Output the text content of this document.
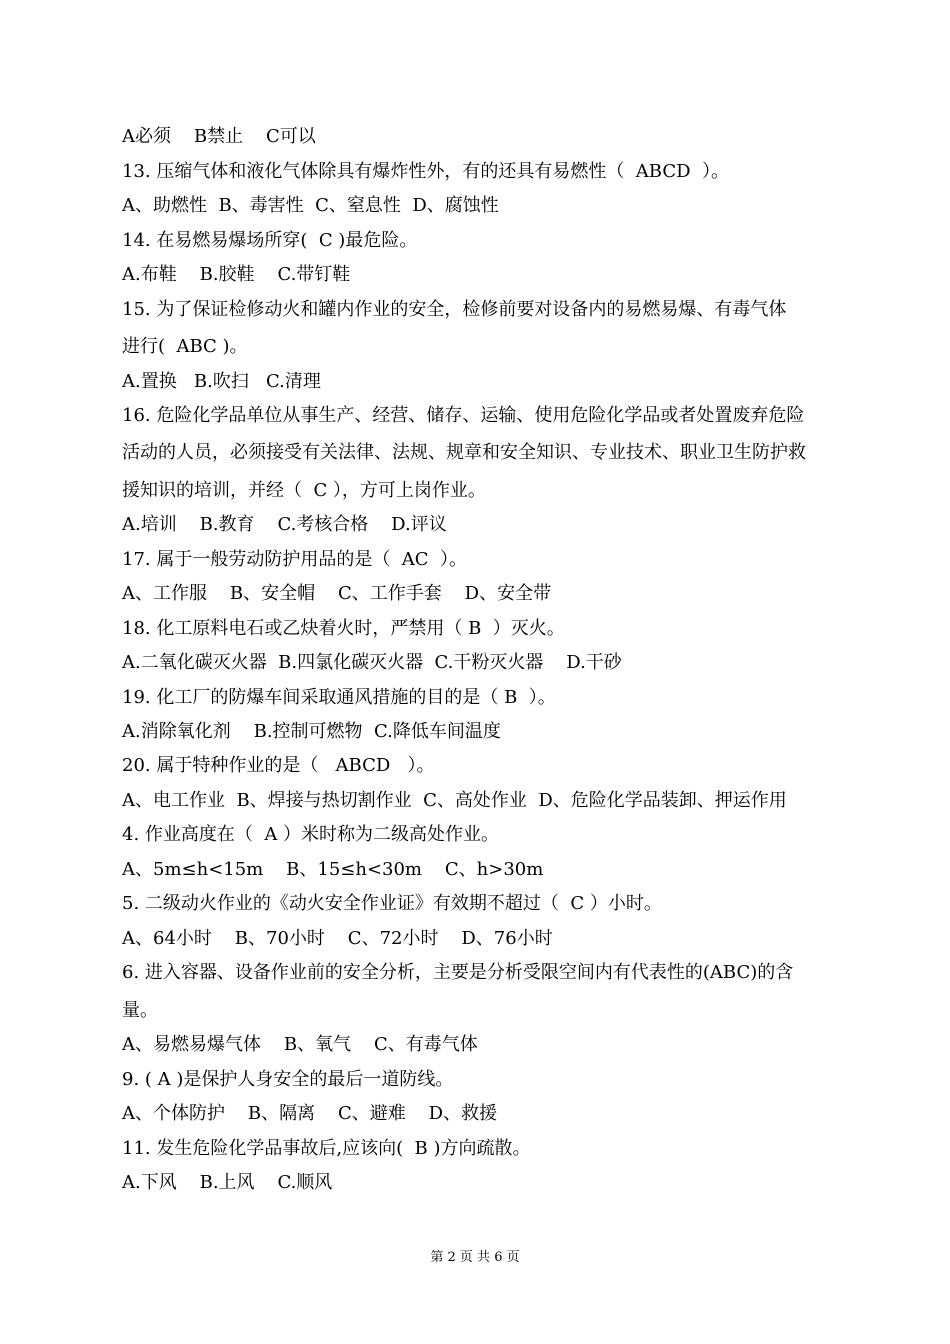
A必须    B禁止    C可以
13. 压缩气体和液化气体除具有爆炸性外，有的还具有易燃性（  ABCD  ）。
A、助燃性  B、毒害性  C、窒息性  D、腐蚀性
14. 在易燃易爆场所穿(  C )最危险。
A.布鞋    B.胶鞋    C.带钉鞋
15. 为了保证检修动火和罐内作业的安全，检修前要对设备内的易燃易爆、有毒气体
进行(  ABC )。
A.置换   B.吹扫   C.清理
16. 危险化学品单位从事生产、经营、储存、运输、使用危险化学品或者处置废弃危险
活动的人员，必须接受有关法律、法规、规章和安全知识、专业技术、职业卫生防护救
援知识的培训，并经（  C ），方可上岗作业。
A.培训    B.教育    C.考核合格    D.评议
17. 属于一般劳动防护用品的是（  AC  ）。
A、工作服    B、安全帽    C、工作手套    D、安全带
18. 化工原料电石或乙炔着火时，严禁用（ B  ）灭火。
A.二氧化碳灭火器  B.四氯化碳灭火器  C.干粉灭火器    D.干砂
19. 化工厂的防爆车间采取通风措施的目的是（ B  ）。
A.消除氧化剂    B.控制可燃物  C.降低车间温度
20. 属于特种作业的是（   ABCD   ）。
A、电工作业  B、焊接与热切割作业  C、高处作业  D、危险化学品装卸、押运作用
4. 作业高度在（  A ）米时称为二级高处作业。
A、5m≤h<15m    B、15≤h<30m    C、h>30m
5. 二级动火作业的《动火安全作业证》有效期不超过（  C ）小时。
A、64小时    B、70小时    C、72小时    D、76小时
6. 进入容器、设备作业前的安全分析，主要是分析受限空间内有代表性的(ABC)的含
量。
A、易燃易爆气体    B、氧气    C、有毒气体
9. ( A )是保护人身安全的最后一道防线。
A、个体防护    B、隔离    C、避难    D、救援
11. 发生危险化学品事故后,应该向(  B )方向疏散。
A.下风    B.上风    C.顺风
第 2 页 共 6 页
